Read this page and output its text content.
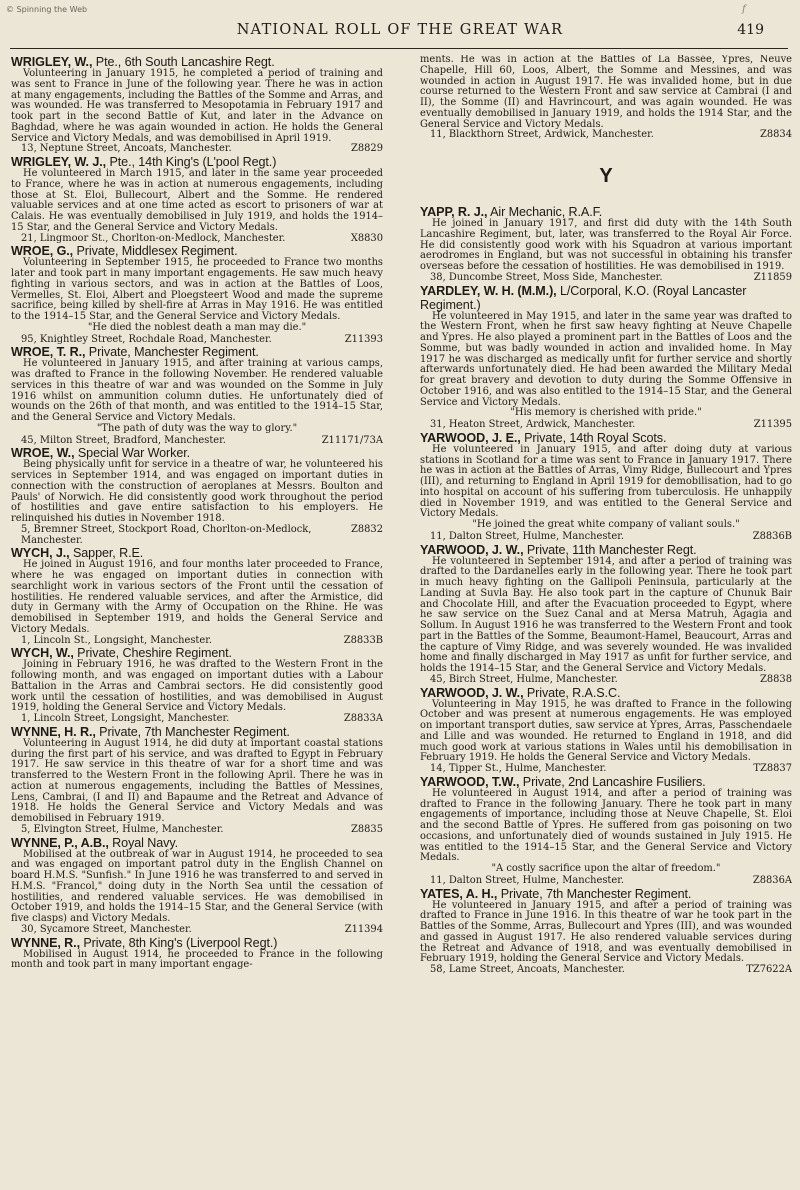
© Spinning the Web	f
NATIONAL ROLL OF THE GREAT WAR	419
WRIGLEY, W., Pte., 6th South Lancashire Regt.
Volunteering in January 1915, he completed a period of training and was sent to France in June of the following year. There he was in action at many engagements, including the Battles of the Somme and Arras, and was wounded. He was transferred to Mesopotamia in February 1917 and took part in the second Battle of Kut, and later in the Advance on Baghdad, where he was again wounded in action. He holds the General Service and Victory Medals, and was demobilised in April 1919.
13, Neptune Street, Ancoats, Manchester.	Z8829
WRIGLEY, W. J., Pte., 14th King's (L'pool Regt.)
He volunteered in March 1915, and later in the same year proceeded to France, where he was in action at numerous engagements, including those at St. Eloi, Bullecourt, Albert and the Somme. He rendered valuable services and at one time acted as escort to prisoners of war at Calais. He was eventually demobilised in July 1919, and holds the 1914–15 Star, and the General Service and Victory Medals.
21, Lingmoor St., Chorlton-on-Medlock, Manchester.	X8830
WROE, G., Private, Middlesex Regiment.
Volunteering in September 1915, he proceeded to France two months later and took part in many important engagements. He saw much heavy fighting in various sectors, and was in action at the Battles of Loos, Vermelles, St. Eloi, Albert and Ploegsteert Wood and made the supreme sacrifice, being killed by shell-fire at Arras in May 1916. He was entitled to the 1914–15 Star, and the General Service and Victory Medals.
"He died the noblest death a man may die."
95, Knightley Street, Rochdale Road, Manchester.	Z11393
WROE, T. R., Private, Manchester Regiment.
He volunteered in January 1915, and after training at various camps, was drafted to France in the following November. He rendered valuable services in this theatre of war and was wounded on the Somme in July 1916 whilst on ammunition column duties. He unfortunately died of wounds on the 26th of that month, and was entitled to the 1914–15 Star, and the General Service and Victory Medals.
"The path of duty was the way to glory."
45, Milton Street, Bradford, Manchester.	Z11171/73A
WROE, W., Special War Worker.
Being physically unfit for service in a theatre of war, he volunteered his services in September 1914, and was engaged on important duties in connection with the construction of aeroplanes at Messrs. Boulton and Pauls' of Norwich. He did consistently good work throughout the period of hostilities and gave entire satisfaction to his employers. He relinquished his duties in November 1918.
5, Bremner Street, Stockport Road, Chorlton-on-Medlock, Manchester.
Z8832
WYCH, J., Sapper, R.E.
He joined in August 1916, and four months later proceeded to France, where he was engaged on important duties in connection with searchlight work in various sectors of the Front until the cessation of hostilities. He rendered valuable services, and after the Armistice, did duty in Germany with the Army of Occupation on the Rhine. He was demobilised in September 1919, and holds the General Service and Victory Medals.
1, Lincoln St., Longsight, Manchester.	Z8833B
WYCH, W., Private, Cheshire Regiment.
Joining in February 1916, he was drafted to the Western Front in the following month, and was engaged on important duties with a Labour Battalion in the Arras and Cambrai sectors. He did consistently good work until the cessation of hostilities, and was demobilised in August 1919, holding the General Service and Victory Medals.
1, Lincoln Street, Longsight, Manchester.	Z8833A
WYNNE, H. R., Private, 7th Manchester Regiment.
Volunteering in August 1914, he did duty at important coastal stations during the first part of his service, and was drafted to Egypt in February 1917. He saw service in this theatre of war for a short time and was transferred to the Western Front in the following April. There he was in action at numerous engagements, including the Battles of Messines, Lens, Cambrai, (I and II) and Bapaume and the Retreat and Advance of 1918. He holds the General Service and Victory Medals and was demobilised in February 1919.
5, Elvington Street, Hulme, Manchester.	Z8835
WYNNE, P., A.B., Royal Navy.
Mobilised at the outbreak of war in August 1914, he proceeded to sea and was engaged on important patrol duty in the English Channel on board H.M.S. "Sunfish." In June 1916 he was transferred to and served in H.M.S. "Francol," doing duty in the North Sea until the cessation of hostilities, and rendered valuable services. He was demobilised in October 1919, and holds the 1914–15 Star, and the General Service (with five clasps) and Victory Medals.
30, Sycamore Street, Manchester.	Z11394
WYNNE, R., Private, 8th King's (Liverpool Regt.)
Mobilised in August 1914, he proceeded to France in the following month and took part in many important engage-
ments. He was in action at the Battles of La Bassée, Ypres, Neuve Chapelle, Hill 60, Loos, Albert, the Somme and Messines, and was wounded in action in August 1917. He was invalided home, but in due course returned to the Western Front and saw service at Cambrai (I and II), the Somme (II) and Havrincourt, and was again wounded. He was eventually demobilised in January 1919, and holds the 1914 Star, and the General Service and Victory Medals.
11, Blackthorn Street, Ardwick, Manchester.	Z8834
Y
YAPP, R. J., Air Mechanic, R.A.F.
He joined in January 1917, and first did duty with the 14th South Lancashire Regiment, but, later, was transferred to the Royal Air Force. He did consistently good work with his Squadron at various important aerodromes in England, but was not successful in obtaining his transfer overseas before the cessation of hostilities. He was demobilised in 1919.
38, Duncombe Street, Moss Side, Manchester.	Z11859
YARDLEY, W. H. (M.M.), L/Corporal, K.O. (Royal Lancaster Regiment.)
He volunteered in May 1915, and later in the same year was drafted to the Western Front, when he first saw heavy fighting at Neuve Chapelle and Ypres. He also played a prominent part in the Battles of Loos and the Somme, but was badly wounded in action and invalided home. In May 1917 he was discharged as medically unfit for further service and shortly afterwards unfortunately died. He had been awarded the Military Medal for great bravery and devotion to duty during the Somme Offensive in October 1916, and was also entitled to the 1914–15 Star, and the General Service and Victory Medals.
"His memory is cherished with pride."
31, Heaton Street, Ardwick, Manchester.	Z11395
YARWOOD, J. E., Private, 14th Royal Scots.
He volunteered in January 1915, and after doing duty at various stations in Scotland for a time was sent to France in January 1917. There he was in action at the Battles of Arras, Vimy Ridge, Bullecourt and Ypres (III), and returning to England in April 1919 for demobilisation, had to go into hospital on account of his suffering from tuberculosis. He unhappily died in November 1919, and was entitled to the General Service and Victory Medals.
"He joined the great white company of valiant souls."
11, Dalton Street, Hulme, Manchester.	Z8836B
YARWOOD, J. W., Private, 11th Manchester Regt.
He volunteered in September 1914, and after a period of training was drafted to the Dardanelles early in the following year. There he took part in much heavy fighting on the Gallipoli Peninsula, particularly at the Landing at Suvla Bay. He also took part in the capture of Chunuk Bair and Chocolate Hill, and after the Evacuation proceeded to Egypt, where he saw service on the Suez Canal and at Mersa Matruh, Agagia and Sollum. In August 1916 he was transferred to the Western Front and took part in the Battles of the Somme, Beaumont-Hamel, Beaucourt, Arras and the capture of Vimy Ridge, and was severely wounded. He was invalided home and finally discharged in May 1917 as unfit for further service, and holds the 1914–15 Star, and the General Service and Victory Medals.
45, Birch Street, Hulme, Manchester.	Z8838
YARWOOD, J. W., Private, R.A.S.C.
Volunteering in May 1915, he was drafted to France in the following October and was present at numerous engagements. He was employed on important transport duties, saw service at Ypres, Arras, Passchendaele and Lille and was wounded. He returned to England in 1918, and did much good work at various stations in Wales until his demobilisation in February 1919. He holds the General Service and Victory Medals.
14, Tipper St., Hulme, Manchester.	TZ8837
YARWOOD, T.W., Private, 2nd Lancashire Fusiliers.
He volunteered in August 1914, and after a period of training was drafted to France in the following January. There he took part in many engagements of importance, including those at Neuve Chapelle, St. Eloi and the second Battle of Ypres. He suffered from gas poisoning on two occasions, and unfortunately died of wounds sustained in July 1915. He was entitled to the 1914–15 Star, and the General Service and Victory Medals.
"A costly sacrifice upon the altar of freedom."
11, Dalton Street, Hulme, Manchester.	Z8836A
YATES, A. H., Private, 7th Manchester Regiment.
He volunteered in January 1915, and after a period of training was drafted to France in June 1916. In this theatre of war he took part in the Battles of the Somme, Arras, Bullecourt and Ypres (III), and was wounded and gassed in August 1917. He also rendered valuable services during the Retreat and Advance of 1918, and was eventually demobilised in February 1919, holding the General Service and Victory Medals.
58, Lame Street, Ancoats, Manchester.	TZ7622A
